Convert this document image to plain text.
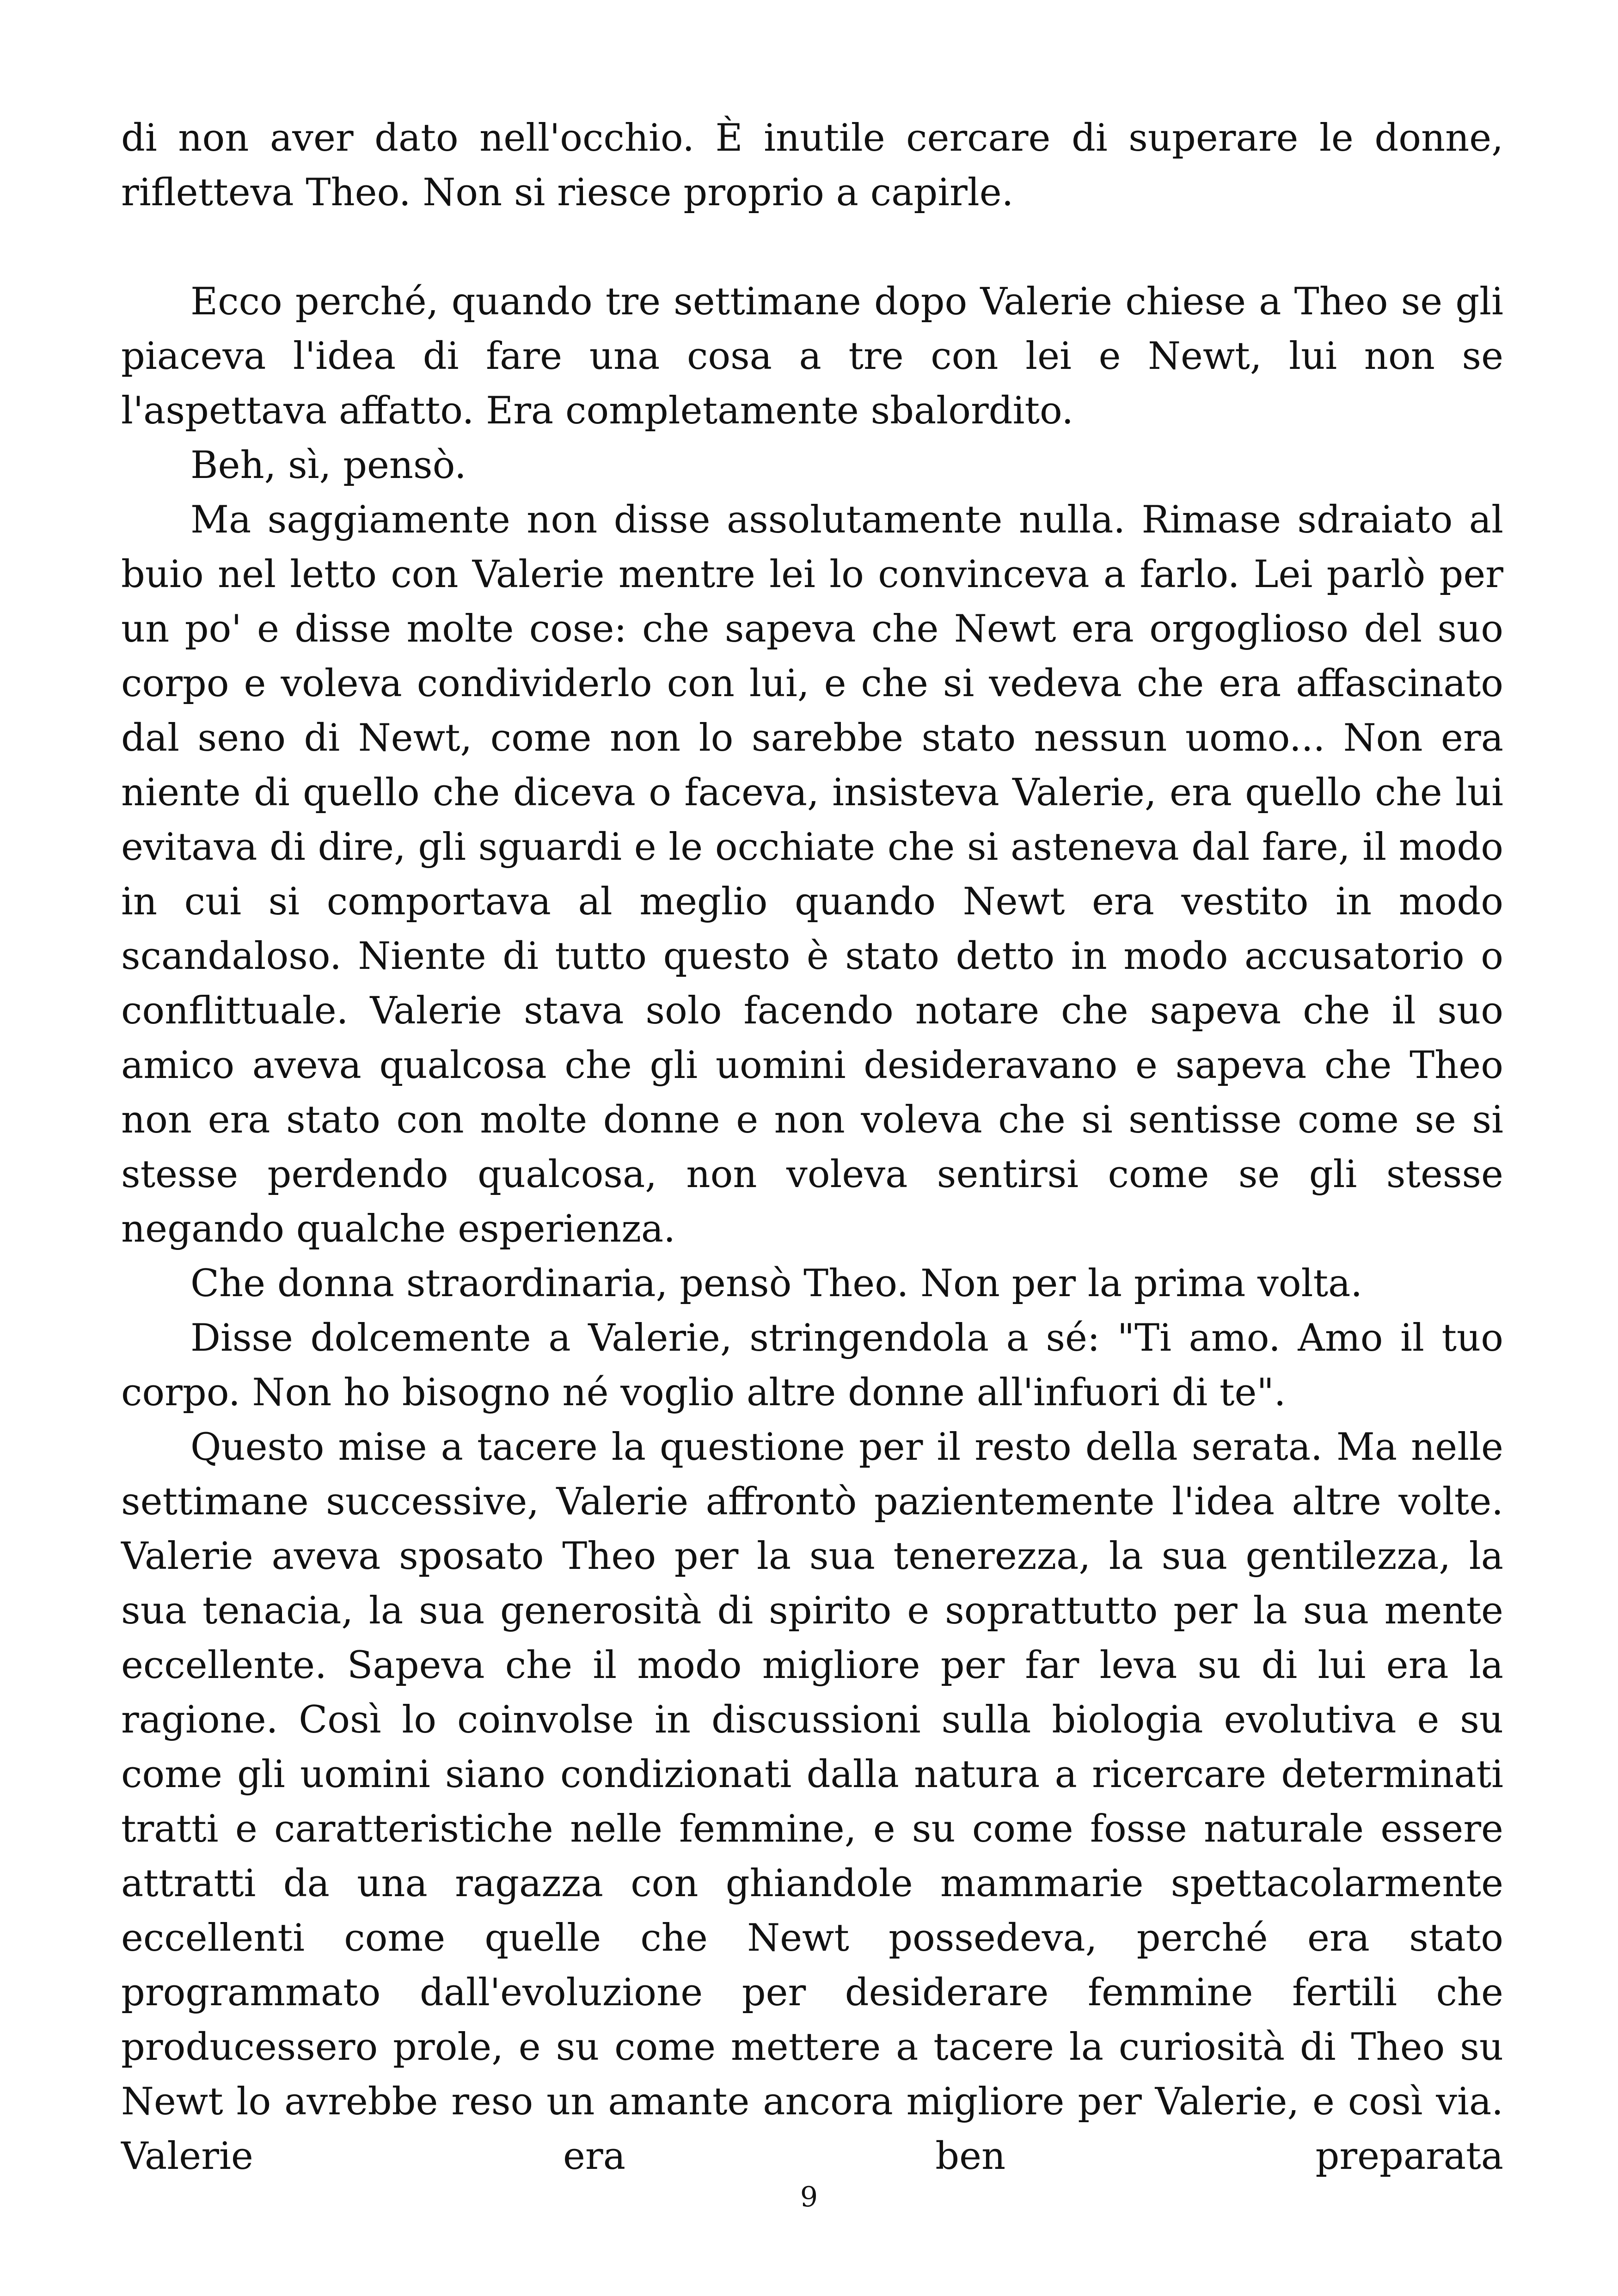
di non aver dato nell'occhio. È inutile cercare di superare le donne, rifletteva Theo. Non si riesce proprio a capirle.

Ecco perché, quando tre settimane dopo Valerie chiese a Theo se gli piaceva l'idea di fare una cosa a tre con lei e Newt, lui non se l'aspettava affatto. Era completamente sbalordito.

Beh, sì, pensò.

Ma saggiamente non disse assolutamente nulla. Rimase sdraiato al buio nel letto con Valerie mentre lei lo convinceva a farlo. Lei parlò per un po' e disse molte cose: che sapeva che Newt era orgoglioso del suo corpo e voleva condividerlo con lui, e che si vedeva che era affascinato dal seno di Newt, come non lo sarebbe stato nessun uomo... Non era niente di quello che diceva o faceva, insisteva Valerie, era quello che lui evitava di dire, gli sguardi e le occhiate che si asteneva dal fare, il modo in cui si comportava al meglio quando Newt era vestito in modo scandaloso. Niente di tutto questo è stato detto in modo accusatorio o conflittuale. Valerie stava solo facendo notare che sapeva che il suo amico aveva qualcosa che gli uomini desideravano e sapeva che Theo non era stato con molte donne e non voleva che si sentisse come se si stesse perdendo qualcosa, non voleva sentirsi come se gli stesse negando qualche esperienza.

Che donna straordinaria, pensò Theo. Non per la prima volta.

Disse dolcemente a Valerie, stringendola a sé: "Ti amo. Amo il tuo corpo. Non ho bisogno né voglio altre donne all'infuori di te".

Questo mise a tacere la questione per il resto della serata. Ma nelle settimane successive, Valerie affrontò pazientemente l'idea altre volte. Valerie aveva sposato Theo per la sua tenerezza, la sua gentilezza, la sua tenacia, la sua generosità di spirito e soprattutto per la sua mente eccellente. Sapeva che il modo migliore per far leva su di lui era la ragione. Così lo coinvolse in discussioni sulla biologia evolutiva e su come gli uomini siano condizionati dalla natura a ricercare determinati tratti e caratteristiche nelle femmine, e su come fosse naturale essere attratti da una ragazza con ghiandole mammarie spettacolarmente eccellenti come quelle che Newt possedeva, perché era stato programmato dall'evoluzione per desiderare femmine fertili che producessero prole, e su come mettere a tacere la curiosità di Theo su Newt lo avrebbe reso un amante ancora migliore per Valerie, e così via. Valerie era ben preparata

9
